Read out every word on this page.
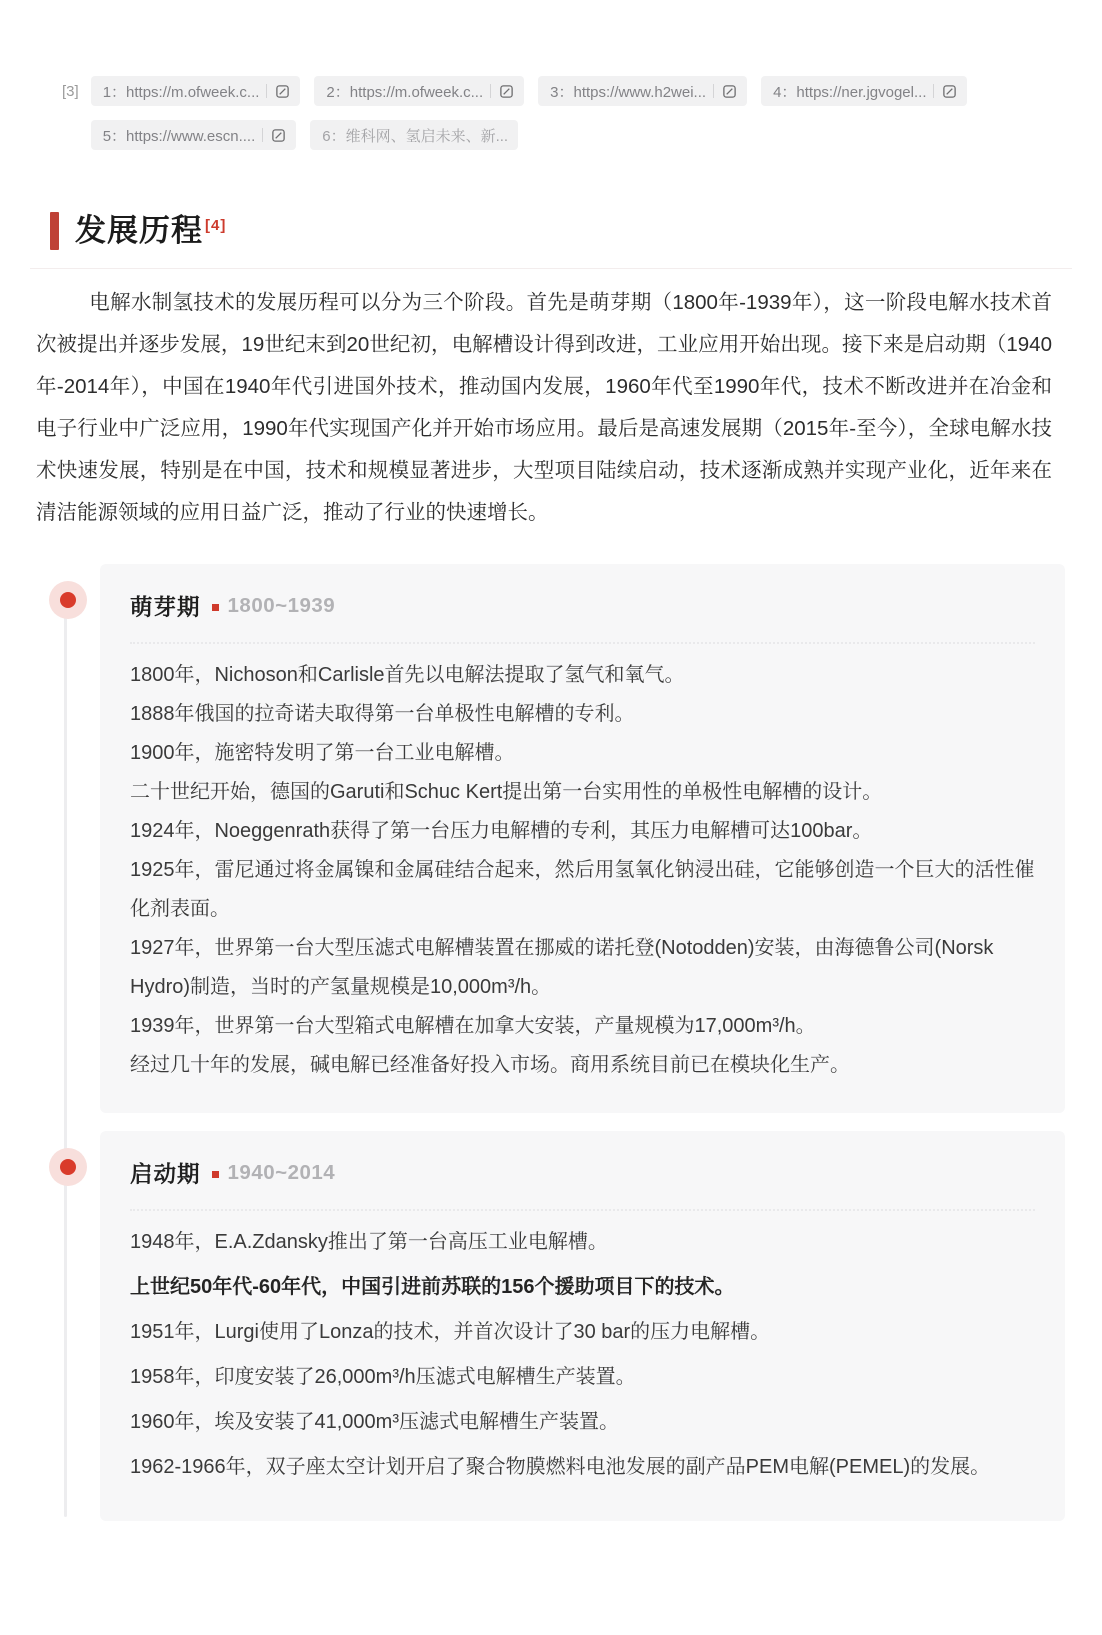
[3] 1：https://m.ofweek.c...	2：https://m.ofweek.c...	3：https://www.h2wei...	4：https://ner.jgvogel...
5：https://www.escn....	6：维科网、氢启未来、新...
发展历程 [4]

电解水制氢技术的发展历程可以分为三个阶段。首先是萌芽期（1800年-1939年），这一阶段电解水技术首次被提出并逐步发展，19世纪末到20世纪初，电解槽设计得到改进，工业应用开始出现。接下来是启动期（1940年-2014年），中国在1940年代引进国外技术，推动国内发展，1960年代至1990年代，技术不断改进并在冶金和电子行业中广泛应用，1990年代实现国产化并开始市场应用。最后是高速发展期（2015年-至今），全球电解水技术快速发展，特别是在中国，技术和规模显著进步，大型项目陆续启动，技术逐渐成熟并实现产业化，近年来在清洁能源领域的应用日益广泛，推动了行业的快速增长。

萌芽期 1800~1939

1800年，Nichoson和Carlisle首先以电解法提取了氢气和氧气。

1888年俄国的拉奇诺夫取得第一台单极性电解槽的专利。

1900年，施密特发明了第一台工业电解槽。

二十世纪开始，德国的Garuti和Schuc Kert提出第一台实用性的单极性电解槽的设计。

1924年，Noeggenrath获得了第一台压力电解槽的专利，其压力电解槽可达100bar。

1925年，雷尼通过将金属镍和金属硅结合起来，然后用氢氧化钠浸出硅，它能够创造一个巨大的活性催化剂表面。

1927年，世界第一台大型压滤式电解槽装置在挪威的诺托登(Notodden)安装，由海德鲁公司(Norsk Hydro)制造，当时的产氢量规模是10,000m³/h。

1939年，世界第一台大型箱式电解槽在加拿大安装，产量规模为17,000m³/h。

经过几十年的发展，碱电解已经准备好投入市场。商用系统目前已在模块化生产。

启动期 1940~2014

1948年，E.A.Zdansky推出了第一台高压工业电解槽。

上世纪50年代-60年代，中国引进前苏联的156个援助项目下的技术。

1951年，Lurgi使用了Lonza的技术，并首次设计了30 bar的压力电解槽。

1958年，印度安装了26,000m³/h压滤式电解槽生产装置。

1960年，埃及安装了41,000m³压滤式电解槽生产装置。

1962-1966年，双子座太空计划开启了聚合物膜燃料电池发展的副产品PEM电解(PEMEL)的发展。
